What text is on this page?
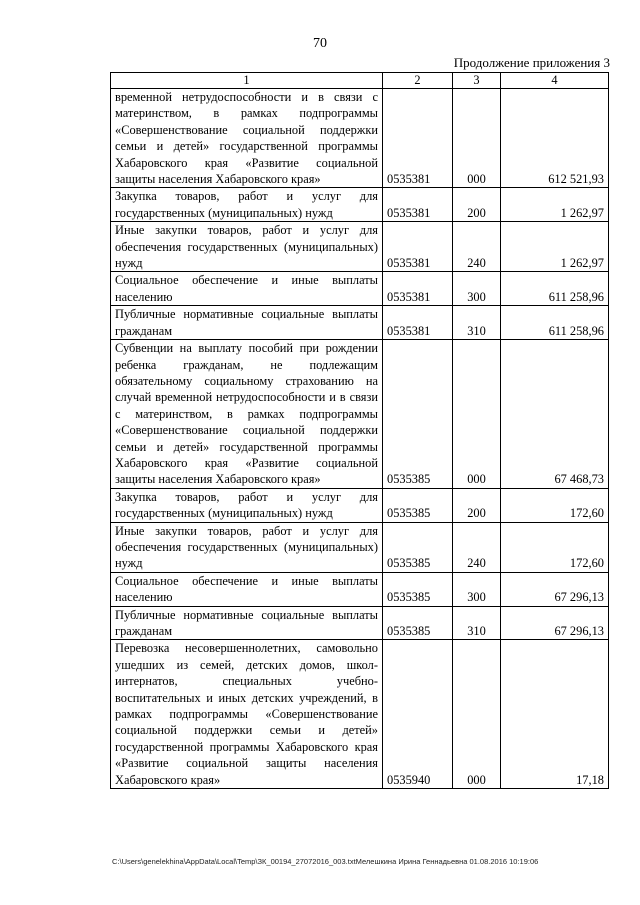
70
Продолжение приложения 3
1	2	3	4
временной нетрудоспособности и в связи с материнством, в рамках подпрограммы «Совершенствование социальной поддержки семьи и детей» государственной программы Хабаровского края «Развитие социальной защиты населения Хабаровского края»	0535381	000	612 521,93
Закупка товаров, работ и услуг для государственных (муниципальных) нужд	0535381	200	1 262,97
Иные закупки товаров, работ и услуг для обеспечения государственных (муниципальных) нужд	0535381	240	1 262,97
Социальное обеспечение и иные выплаты населению	0535381	300	611 258,96
Публичные нормативные социальные выплаты гражданам	0535381	310	611 258,96
Субвенции на выплату пособий при рождении ребенка гражданам, не подлежащим обязательному социальному страхованию на случай временной нетрудоспособности и в связи с материнством, в рамках подпрограммы «Совершенствование социальной поддержки семьи и детей» государственной программы Хабаровского края «Развитие социальной защиты населения Хабаровского края»	0535385	000	67 468,73
Закупка товаров, работ и услуг для государственных (муниципальных) нужд	0535385	200	172,60
Иные закупки товаров, работ и услуг для обеспечения государственных (муниципальных) нужд	0535385	240	172,60
Социальное обеспечение и иные выплаты населению	0535385	300	67 296,13
Публичные нормативные социальные выплаты гражданам	0535385	310	67 296,13
Перевозка несовершеннолетних, самовольно ушедших из семей, детских домов, школ-интернатов, специальных учебно-воспитательных и иных детских учреждений, в рамках подпрограммы «Совершенствование социальной поддержки семьи и детей» государственной программы Хабаровского края «Развитие социальной защиты населения Хабаровского края»	0535940	000	17,18
C:\Users\genelekhina\AppData\Local\Temp\ЗК_00194_27072016_003.txtМелешкина Ирина Геннадьевна 01.08.2016 10:19:06
